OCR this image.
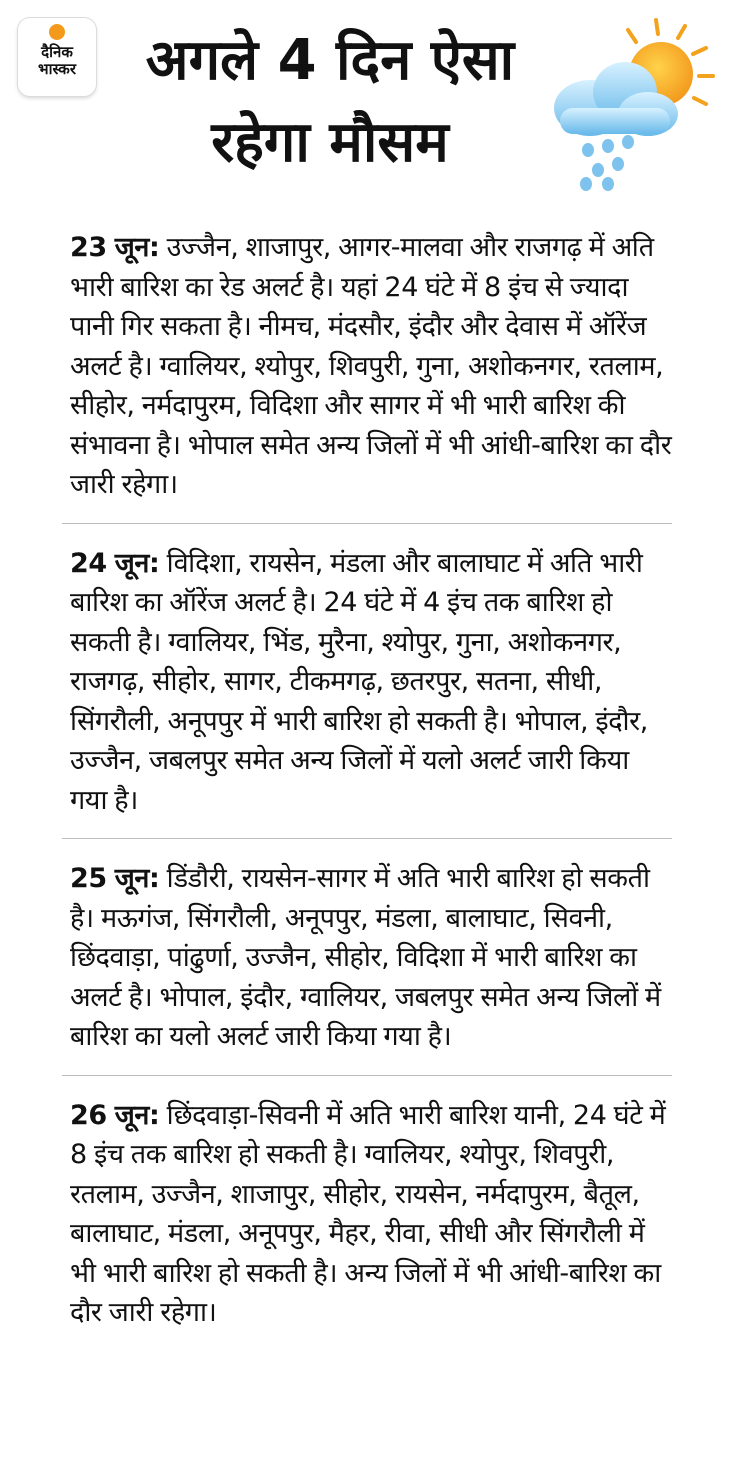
दैनिक
भास्कर	अगले 4 दिन ऐसा रहेगा मौसम
23 जून: उज्जैन, शाजापुर, आगर-मालवा और राजगढ़ में अति भारी बारिश का रेड अलर्ट है। यहां 24 घंटे में 8 इंच से ज्यादा पानी गिर सकता है। नीमच, मंदसौर, इंदौर और देवास में ऑरेंज अलर्ट है। ग्वालियर, श्योपुर, शिवपुरी, गुना, अशोकनगर, रतलाम, सीहोर, नर्मदापुरम, विदिशा और सागर में भी भारी बारिश की संभावना है। भोपाल समेत अन्य जिलों में भी आंधी-बारिश का दौर जारी रहेगा।
24 जून: विदिशा, रायसेन, मंडला और बालाघाट में अति भारी बारिश का ऑरेंज अलर्ट है। 24 घंटे में 4 इंच तक बारिश हो सकती है। ग्वालियर, भिंड, मुरैना, श्योपुर, गुना, अशोकनगर, राजगढ़, सीहोर, सागर, टीकमगढ़, छतरपुर, सतना, सीधी, सिंगरौली, अनूपपुर में भारी बारिश हो सकती है। भोपाल, इंदौर, उज्जैन, जबलपुर समेत अन्य जिलों में यलो अलर्ट जारी किया गया है।
25 जून: डिंडौरी, रायसेन-सागर में अति भारी बारिश हो सकती है। मऊगंज, सिंगरौली, अनूपपुर, मंडला, बालाघाट, सिवनी, छिंदवाड़ा, पांढुर्णा, उज्जैन, सीहोर, विदिशा में भारी बारिश का अलर्ट है। भोपाल, इंदौर, ग्वालियर, जबलपुर समेत अन्य जिलों में बारिश का यलो अलर्ट जारी किया गया है।
26 जून: छिंदवाड़ा-सिवनी में अति भारी बारिश यानी, 24 घंटे में 8 इंच तक बारिश हो सकती है। ग्वालियर, श्योपुर, शिवपुरी, रतलाम, उज्जैन, शाजापुर, सीहोर, रायसेन, नर्मदापुरम, बैतूल, बालाघाट, मंडला, अनूपपुर, मैहर, रीवा, सीधी और सिंगरौली में भी भारी बारिश हो सकती है। अन्य जिलों में भी आंधी-बारिश का दौर जारी रहेगा।
